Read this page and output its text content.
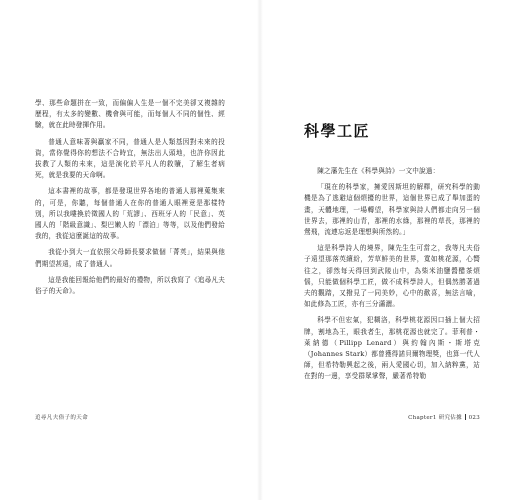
學、那些命題拼在一致，而偏偏人生是一個不完美卻又複雜的歷程，有太多的變數、機會與可能，而每個人不同的個性、經驗，就在此時發揮作用。

普通人意味著與贏家不同，普通人是人類基因對未來的投資，當你覺得你的想法不合時宜，無法出人頭地，也許你因此拔教了人類的未來，這是演化於平凡人的救贖，了解生者病死，就是我要的天命啊。

這本書裡的故事，都是發現世界各地的普通人那裡蒐集來的，可是，你聽，每個普通人在你的普通人眼裡竟是那樣特別，所以我嘍換於徵國人的「荒謬」、西班牙人的「民意」、英國人的「階級意識」、梨巴嫩人的「漂泊」等等，以及他們發給我的，我從這麼誕這的故事。

我從小到大一直依照父母師長要求做個「菁英」，結果與他們期望甚遠，成了普通人。

這是我能回報給他們的最好的禮物，所以我寫了《追尋凡夫俗子的天命》。

追尋凡夫俗子的天命
科學工匠

陳之藩先生在《科學與詩》一文中說過：

「現在的科學家，擁愛因斯坦的解釋，研究科學的動機是為了逃避這個煩擾的世界，這個世界已成了舉加蛋的畫，天體地理，一場轉望，科學家與詩人們都走向另一個世界去，那裡的山青，那裡的水綠，那裡的草長，那裡的鶯飛，流連忘返是理想與所然的。」

這是科學詩人的境界，陳先生生可當之，我等凡夫俗子遠望那落英繽紛，芳草鮮美的世界，寬如桃花源，心嚮往之，卻然每天得回到武陵山中，為柴米油鹽醬醋茶煩惱，只能做個科學工匠，做不成科學詩人，但偶然勝著過夫的觀踏，又撥見了一同美妙，心中的歡喜，無法言喻，如此修為工匠，亦有三分瀟灑。

科學不但宏氣，犯糊洛，科學桃花源因口插上個大招牌，割地為王，眼我者生，那桃花源也就完了。菲利普・萊納德（Pillipp Lenard）與約翰內斯・斯塔克（Johannes Stark）都曾獲得諾貝爾物理獎，也算一代人師，但希特勒興起之後，兩人愛國心切，加入納粹黨，站在對的一邊，享受群眾掌聲，嚴著希特勒

Chapter1 研究佔據 023
